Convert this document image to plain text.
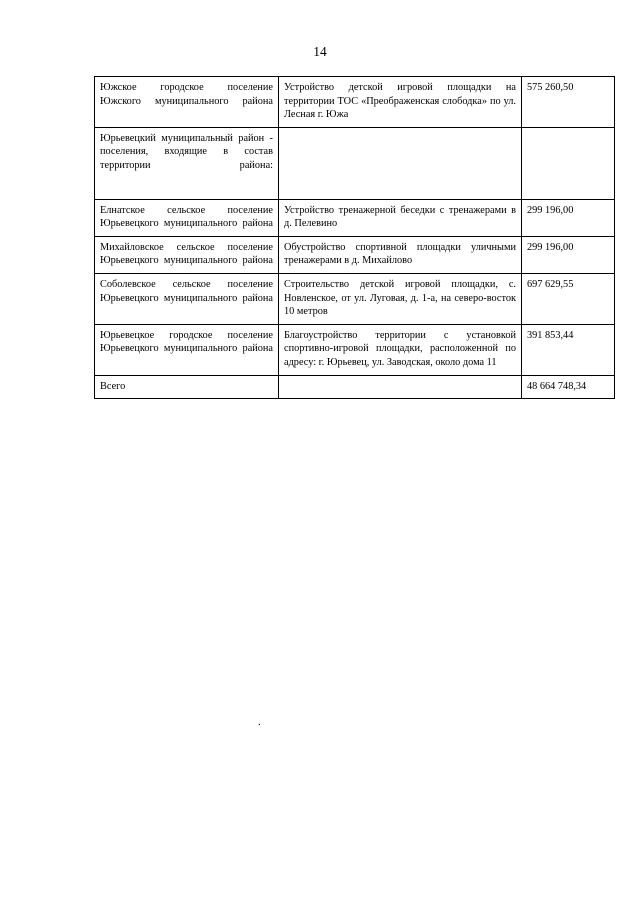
14
Южское городское поселение Южского муниципального района	Устройство детской игровой площадки на территории ТОС «Преображенская слободка» по ул. Лесная г. Южа	575 260,50
Юрьевецкий муниципальный район - поселения, входящие в состав территории района:		
Елнатское сельское поселение Юрьевецкого муниципального района	Устройство тренажерной беседки с тренажерами в д. Пелевино	299 196,00
Михайловское сельское поселение Юрьевецкого муниципального района	Обустройство спортивной площадки уличными тренажерами в д. Михайлово	299 196,00
Соболевское сельское поселение Юрьевецкого муниципального района	Строительство детской игровой площадки, с. Новленское, от ул. Луговая, д. 1-а, на северо-восток 10 метров	697 629,55
Юрьевецкое городское поселение Юрьевецкого муниципального района	Благоустройство территории с установкой спортивно-игровой площадки, расположенной по адресу: г. Юрьевец, ул. Заводская, около дома 11	391 853,44
Всего		48 664 748,34
.
